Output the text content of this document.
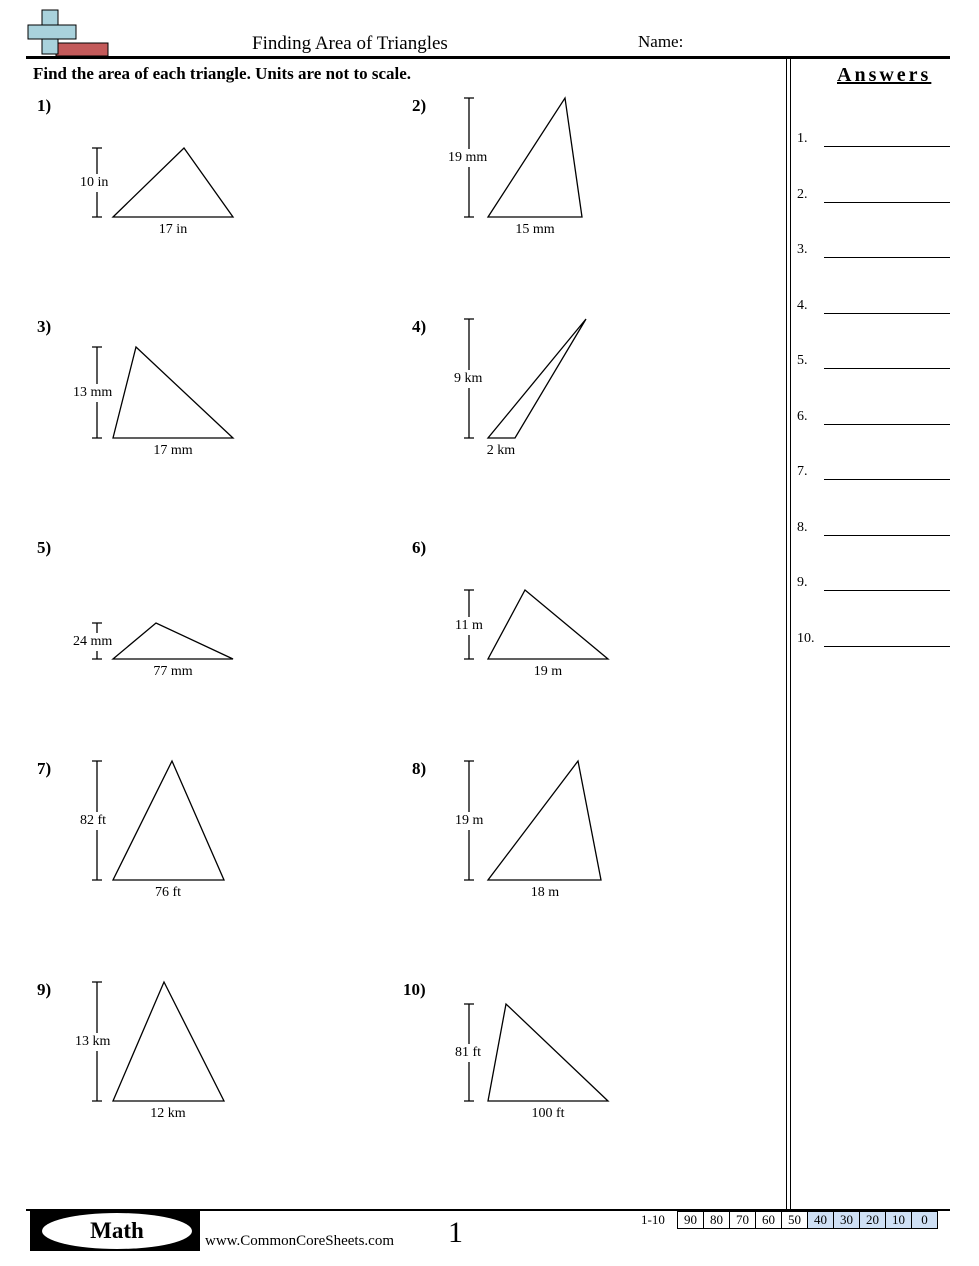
Finding Area of Triangles	Name:
Find the area of each triangle. Units are not to scale.	Answers
1.
2.
3.
4.
5.
6.
7.
8.
9.
10.
1)
10 in
17 in
2)
19 mm
15 mm
3)
13 mm
17 mm
4)
9 km
2 km
5)
24 mm
77 mm
6)
11 m
19 m
7)
82 ft
76 ft
8)
19 m
18 m
9)
13 km
12 km
10)
81 ft
100 ft
Math	www.CommonCoreSheets.com 1	1-10 90	80	70	60	50	40	30	20	10	0
